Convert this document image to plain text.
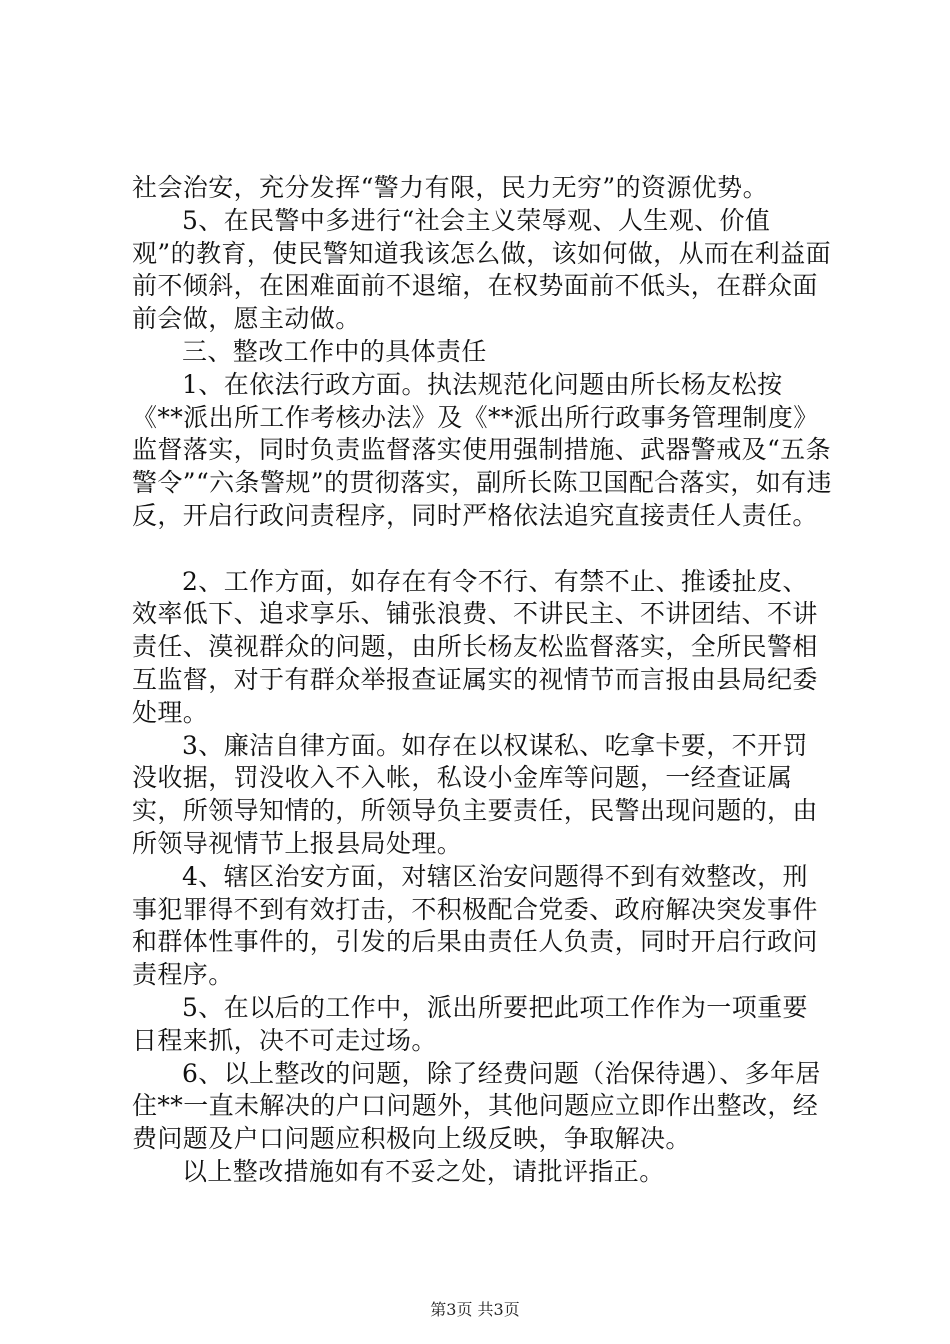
社会治安，充分发挥“警力有限，民力无穷”的资源优势。

5、在民警中多进行“社会主义荣辱观、人生观、价值观”的教育，使民警知道我该怎么做，该如何做，从而在利益面前不倾斜，在困难面前不退缩，在权势面前不低头，在群众面前会做，愿主动做。

三、整改工作中的具体责任

1、在依法行政方面。执法规范化问题由所长杨友松按《**派出所工作考核办法》及《**派出所行政事务管理制度》监督落实，同时负责监督落实使用强制措施、武器警戒及“五条警令”“六条警规”的贯彻落实，副所长陈卫国配合落实，如有违反，开启行政问责程序，同时严格依法追究直接责任人责任。

2、工作方面，如存在有令不行、有禁不止、推诿扯皮、效率低下、追求享乐、铺张浪费、不讲民主、不讲团结、不讲责任、漠视群众的问题，由所长杨友松监督落实，全所民警相互监督，对于有群众举报查证属实的视情节而言报由县局纪委处理。

3、廉洁自律方面。如存在以权谋私、吃拿卡要，不开罚没收据，罚没收入不入帐，私设小金库等问题，一经查证属实，所领导知情的，所领导负主要责任，民警出现问题的，由所领导视情节上报县局处理。

4、辖区治安方面，对辖区治安问题得不到有效整改，刑事犯罪得不到有效打击，不积极配合党委、政府解决突发事件和群体性事件的，引发的后果由责任人负责，同时开启行政问责程序。

5、在以后的工作中，派出所要把此项工作作为一项重要日程来抓，决不可走过场。

6、以上整改的问题，除了经费问题（治保待遇）、多年居住**一直未解决的户口问题外，其他问题应立即作出整改，经费问题及户口问题应积极向上级反映，争取解决。

以上整改措施如有不妥之处，请批评指正。

第3页 共3页
